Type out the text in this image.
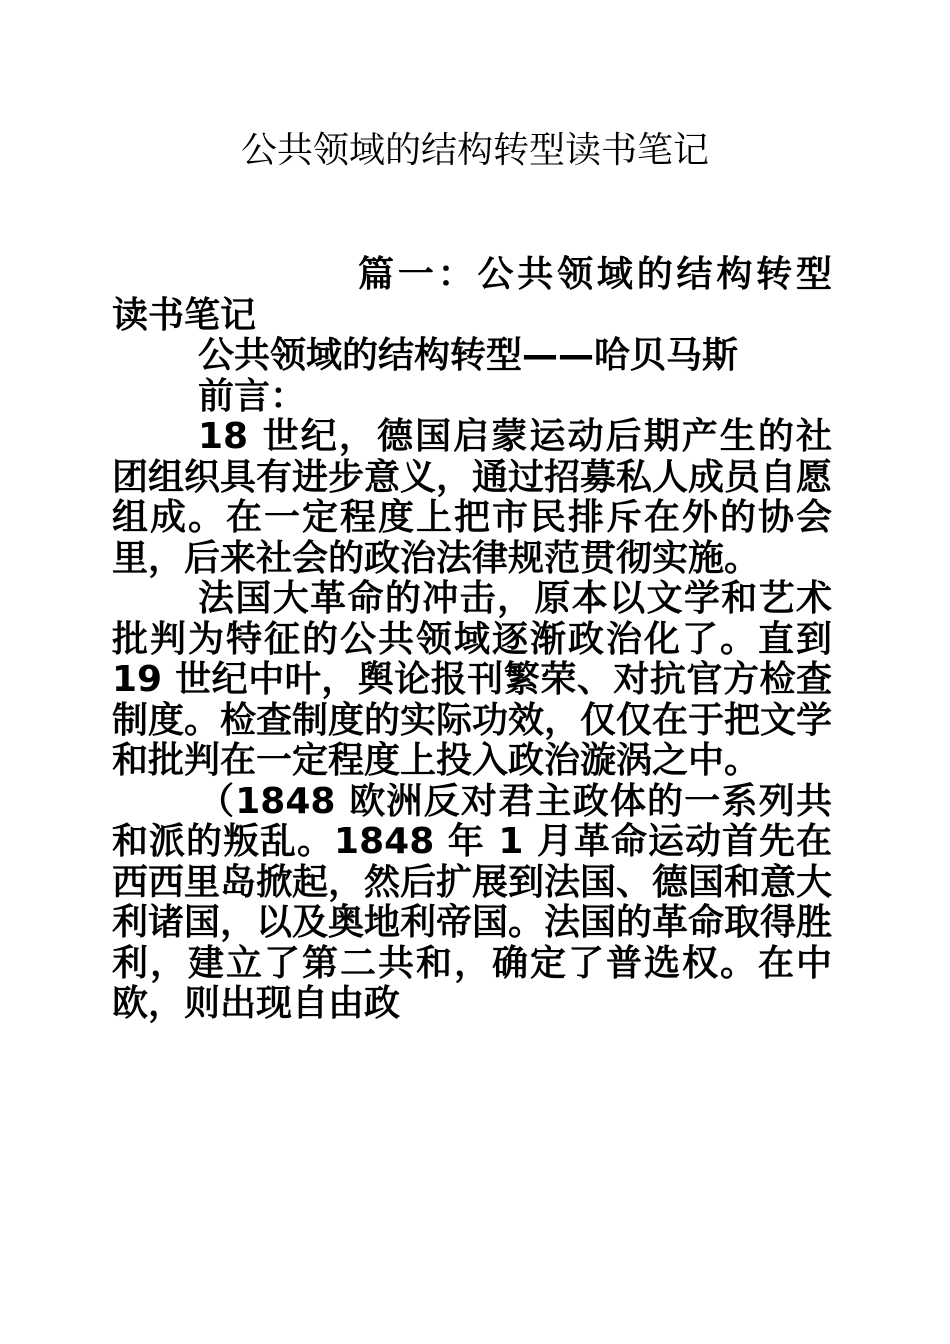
公共领域的结构转型读书笔记

篇一：公共领域的结构转型 读书笔记

公共领域的结构转型——哈贝马斯

前言：

18 世纪，德国启蒙运动后期产生的社团组织具有进步意义，通过招募私人成员自愿组成。在一定程度上把市民排斥在外的协会里，后来社会的政治法律规范贯彻实施。

法国大革命的冲击，原本以文学和艺术批判为特征的公共领域逐渐政治化了。直到 19 世纪中叶，舆论报刊繁荣、对抗官方检查制度。检查制度的实际功效，仅仅在于把文学和批判在一定程度上投入政治漩涡之中。

（1848 欧洲反对君主政体的一系列共和派的叛乱。1848 年 1 月革命运动首先在西西里岛掀起，然后扩展到法国、德国和意大利诸国，以及奥地利帝国。法国的革命取得胜利，建立了第二共和，确定了普选权。在中欧，则出现自由政
